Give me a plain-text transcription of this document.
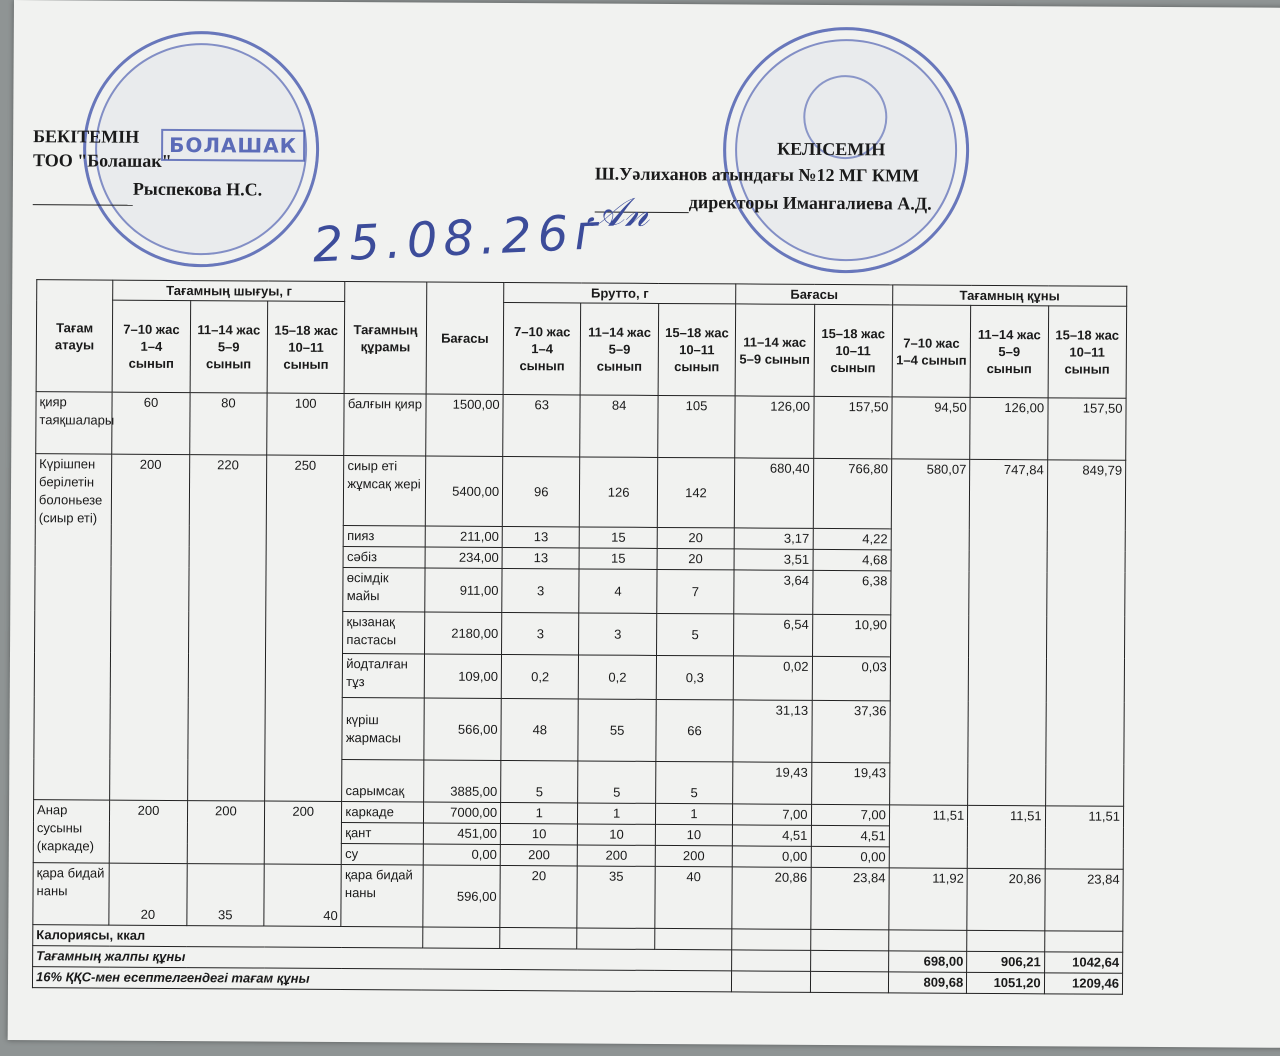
БОЛАШАК
БЕКІТЕМІН
ТОО "Болашак"
Рыспекова Н.С.
КЕЛІСЕМІН
Ш.Уәлиханов атындағы №12 МГ КММ
директоры Имангалиева А.Д.
25.08.26г
𝒜𝓃
Тағам атауы	Тағамның шығуы, г			Тағамның құрамы	Бағасы	Брутто, г			Бағасы		Тағамның құны		
	7–10 жас 1–4 сынып	11–14 жас 5–9 сынып	15–18 жас 10–11 сынып			7–10 жас 1–4 сынып	11–14 жас 5–9 сынып	15–18 жас 10–11 сынып	11–14 жас 5–9 сынып	15–18 жас 10–11 сынып	7–10 жас 1–4 сынып	11–14 жас 5–9 сынып	15–18 жас 10–11 сынып
қияр таяқшалары	60	80	100	балғын қияр	1500,00	63	84	105	126,00	157,50	94,50	126,00	157,50
Күрішпен берілетін болоньезе (сиыр еті)	200	220	250	сиыр еті жұмсақ жері	5400,00	96	126	142	680,40	766,80	580,07	747,84	849,79
				пияз	211,00	13	15	20	3,17	4,22			
				сәбіз	234,00	13	15	20	3,51	4,68			
				өсімдік майы	911,00	3	4	7	3,64	6,38			
				қызанақ пастасы	2180,00	3	3	5	6,54	10,90			
				йодталған тұз	109,00	0,2	0,2	0,3	0,02	0,03			
				күріш жармасы	566,00	48	55	66	31,13	37,36			
				сарымсақ	3885,00	5	5	5	19,43	19,43			
Анар сусыны (каркаде)	200	200	200	каркаде	7000,00	1	1	1	7,00	7,00	11,51	11,51	11,51
				қант	451,00	10	10	10	4,51	4,51			
				су	0,00	200	200	200	0,00	0,00			
қара бидай наны	20	35	40	қара бидай наны	596,00	20	35	40	20,86	23,84	11,92	20,86	23,84
Калориясы, ккал													
Тағамның жалпы құны											698,00	906,21	1042,64
16% ҚҚС-мен есептелгендегі тағам құны											809,68	1051,20	1209,46
